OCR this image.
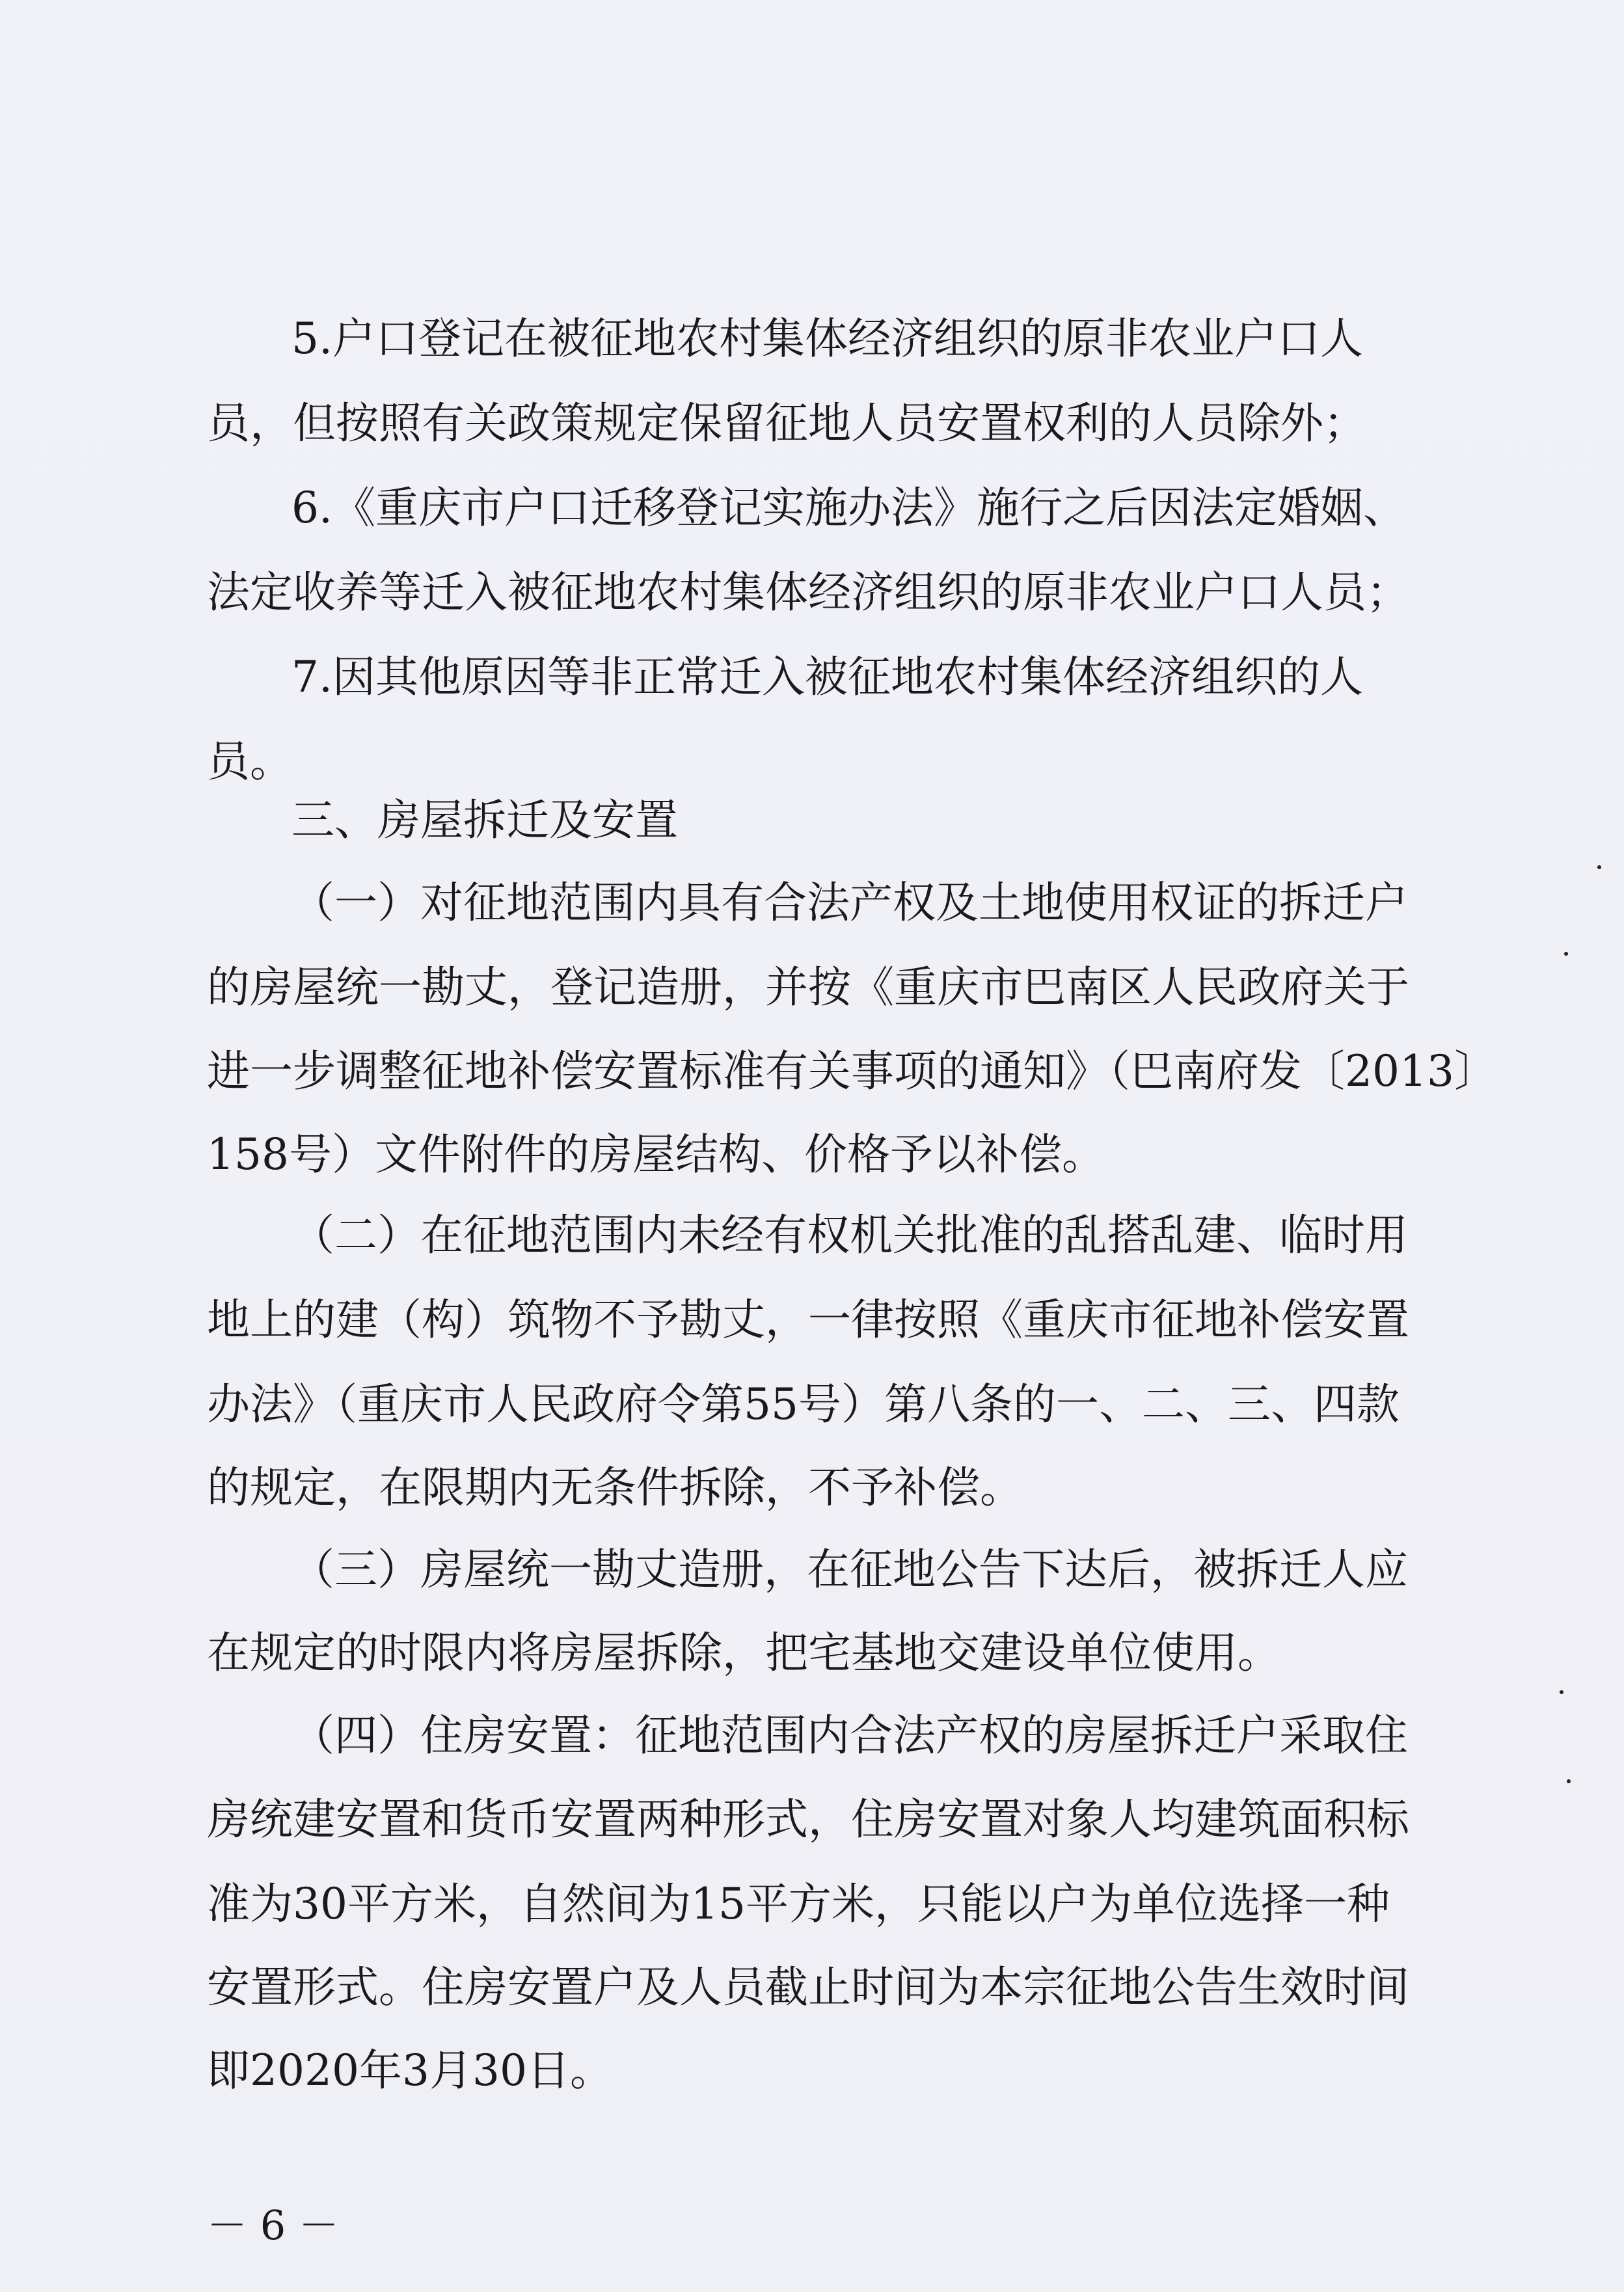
5.户口登记在被征地农村集体经济组织的原非农业户口人
员，但按照有关政策规定保留征地人员安置权利的人员除外；
6.《重庆市户口迁移登记实施办法》施行之后因法定婚姻、
法定收养等迁入被征地农村集体经济组织的原非农业户口人员；
7.因其他原因等非正常迁入被征地农村集体经济组织的人
员。
三、房屋拆迁及安置
（一）对征地范围内具有合法产权及土地使用权证的拆迁户
的房屋统一勘丈，登记造册，并按《重庆市巴南区人民政府关于
进一步调整征地补偿安置标准有关事项的通知》（巴南府发〔2013〕
158号）文件附件的房屋结构、价格予以补偿。
（二）在征地范围内未经有权机关批准的乱搭乱建、临时用
地上的建（构）筑物不予勘丈，一律按照《重庆市征地补偿安置
办法》（重庆市人民政府令第55号）第八条的一、二、三、四款
的规定，在限期内无条件拆除，不予补偿。
（三）房屋统一勘丈造册，在征地公告下达后，被拆迁人应
在规定的时限内将房屋拆除，把宅基地交建设单位使用。
（四）住房安置：征地范围内合法产权的房屋拆迁户采取住
房统建安置和货币安置两种形式，住房安置对象人均建筑面积标
准为30平方米，自然间为15平方米，只能以户为单位选择一种
安置形式。住房安置户及人员截止时间为本宗征地公告生效时间
即2020年3月30日。
－ 6 －
